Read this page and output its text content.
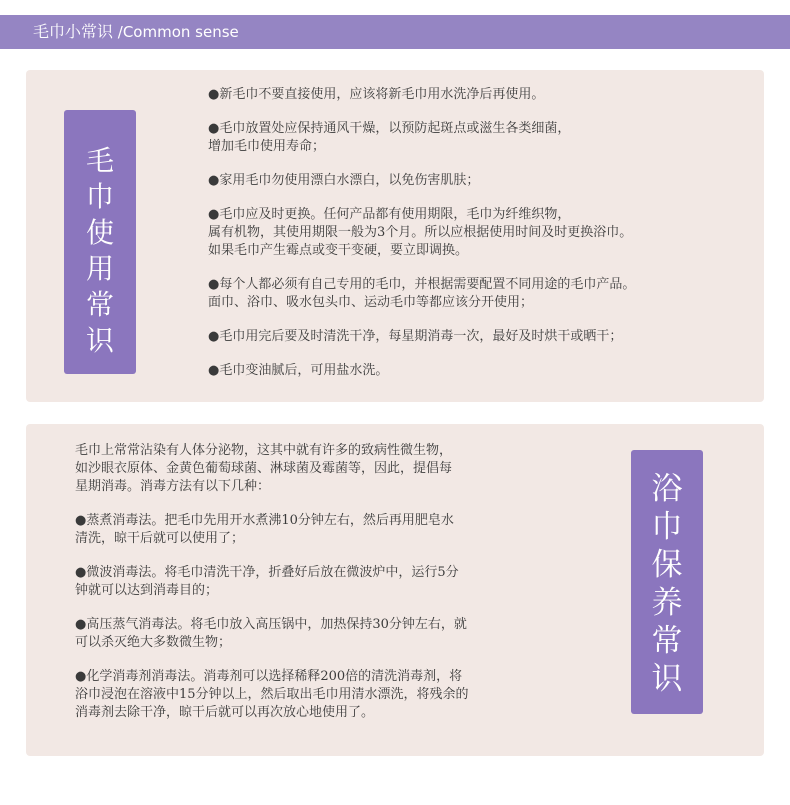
毛巾小常识 /Common sense
毛
巾
使
用
常
识

●新毛巾不要直接使用，应该将新毛巾用水洗净后再使用。

●毛巾放置处应保持通风干燥，以预防起斑点或滋生各类细菌，
增加毛巾使用寿命；

●家用毛巾勿使用漂白水漂白，以免伤害肌肤；

●毛巾应及时更换。任何产品都有使用期限，毛巾为纤维织物，
属有机物，其使用期限一般为3个月。所以应根据使用时间及时更换浴巾。
如果毛巾产生霉点或变干变硬，要立即调换。

●每个人都必须有自己专用的毛巾，并根据需要配置不同用途的毛巾产品。
面巾、浴巾、吸水包头巾、运动毛巾等都应该分开使用；

●毛巾用完后要及时清洗干净，每星期消毒一次，最好及时烘干或晒干；

●毛巾变油腻后，可用盐水洗。

毛巾上常常沾染有人体分泌物，这其中就有许多的致病性微生物，
如沙眼衣原体、金黄色葡萄球菌、淋球菌及霉菌等，因此，提倡每
星期消毒。消毒方法有以下几种：

●蒸煮消毒法。把毛巾先用开水煮沸10分钟左右，然后再用肥皂水
清洗，晾干后就可以使用了；

●微波消毒法。将毛巾清洗干净，折叠好后放在微波炉中，运行5分
钟就可以达到消毒目的；

●高压蒸气消毒法。将毛巾放入高压锅中，加热保持30分钟左右，就
可以杀灭绝大多数微生物；

●化学消毒剂消毒法。消毒剂可以选择稀释200倍的清洗消毒剂，将
浴巾浸泡在溶液中15分钟以上，然后取出毛巾用清水漂洗，将残余的
消毒剂去除干净，晾干后就可以再次放心地使用了。

浴
巾
保
养
常
识
